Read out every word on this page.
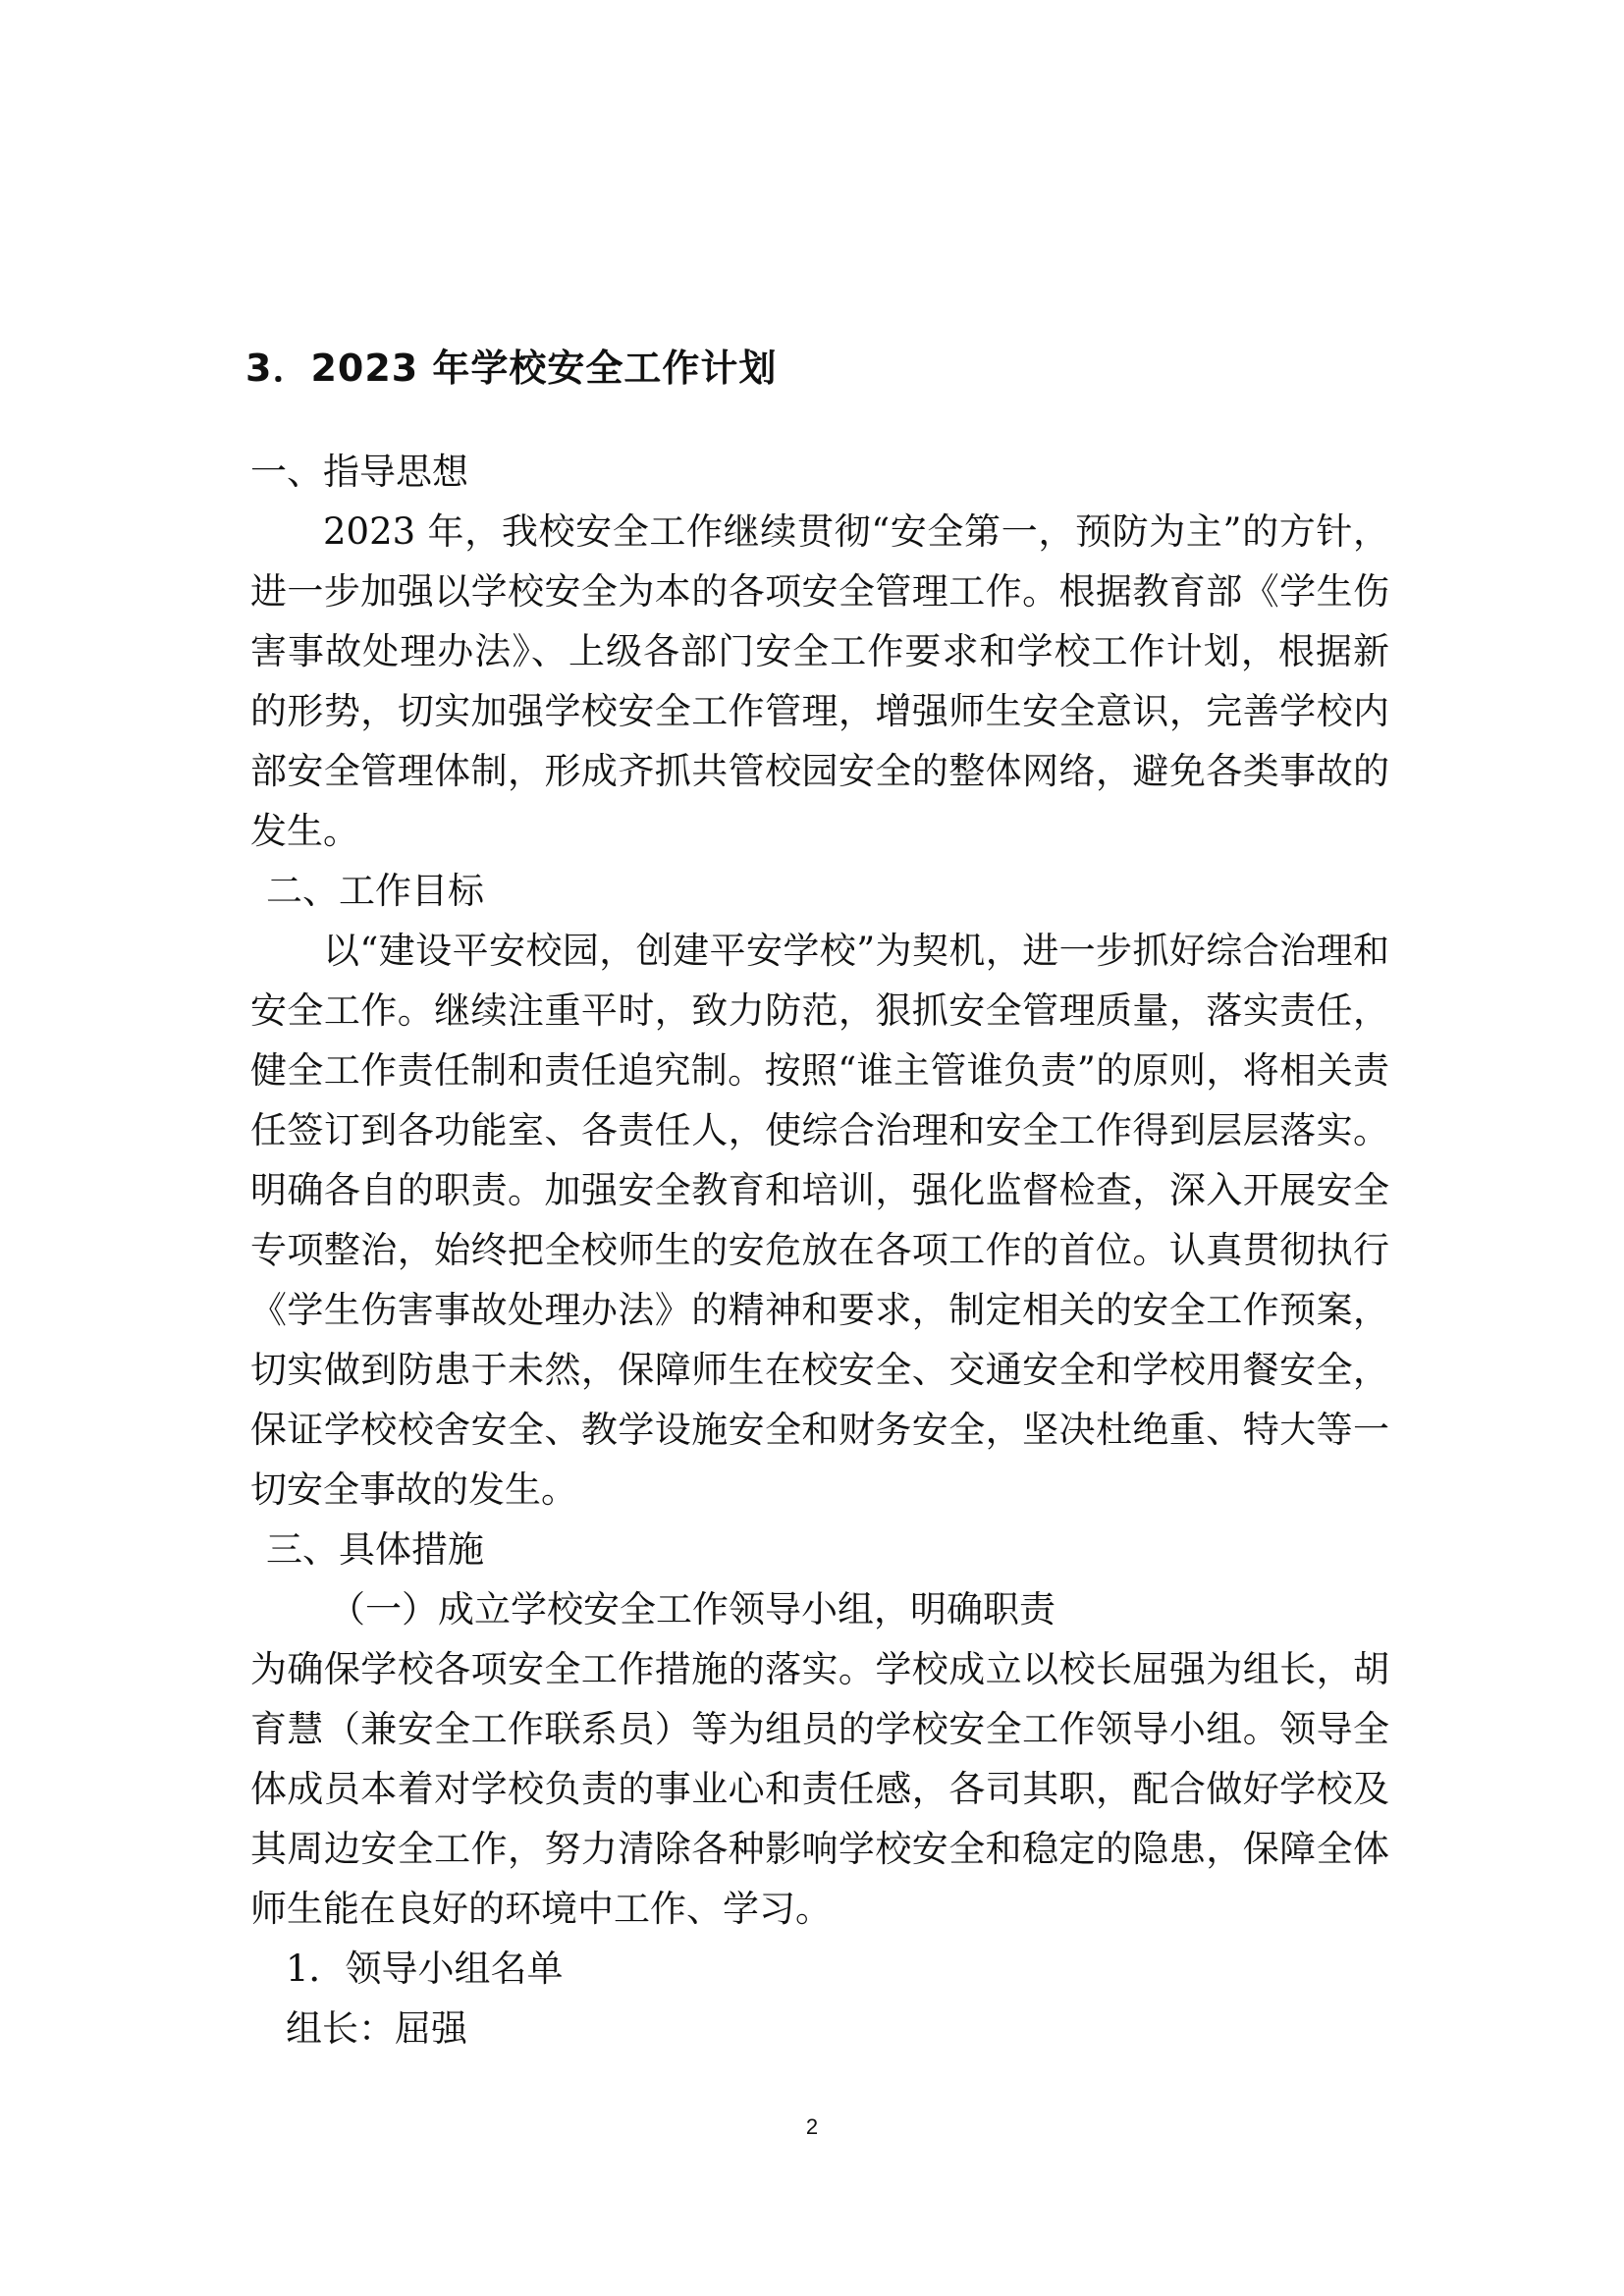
3．2023 年学校安全工作计划
一、指导思想
2023 年，我校安全工作继续贯彻“安全第一，预防为主”的方针，进一步加强以学校安全为本的各项安全管理工作。根据教育部《学生伤害事故处理办法》、上级各部门安全工作要求和学校工作计划，根据新的形势，切实加强学校安全工作管理，增强师生安全意识，完善学校内部安全管理体制，形成齐抓共管校园安全的整体网络，避免各类事故的发生。
二、工作目标
以“建设平安校园，创建平安学校”为契机，进一步抓好综合治理和安全工作。继续注重平时，致力防范，狠抓安全管理质量，落实责任，健全工作责任制和责任追究制。按照“谁主管谁负责”的原则，将相关责任签订到各功能室、各责任人，使综合治理和安全工作得到层层落实。明确各自的职责。加强安全教育和培训，强化监督检查，深入开展安全专项整治，始终把全校师生的安危放在各项工作的首位。认真贯彻执行《学生伤害事故处理办法》的精神和要求，制定相关的安全工作预案，切实做到防患于未然，保障师生在校安全、交通安全和学校用餐安全，保证学校校舍安全、教学设施安全和财务安全，坚决杜绝重、特大等一切安全事故的发生。
三、具体措施
（一）成立学校安全工作领导小组，明确职责
为确保学校各项安全工作措施的落实。学校成立以校长屈强为组长，胡育慧（兼安全工作联系员）等为组员的学校安全工作领导小组。领导全体成员本着对学校负责的事业心和责任感，各司其职，配合做好学校及其周边安全工作，努力清除各种影响学校安全和稳定的隐患，保障全体师生能在良好的环境中工作、学习。
1．领导小组名单
组长：屈强
2
